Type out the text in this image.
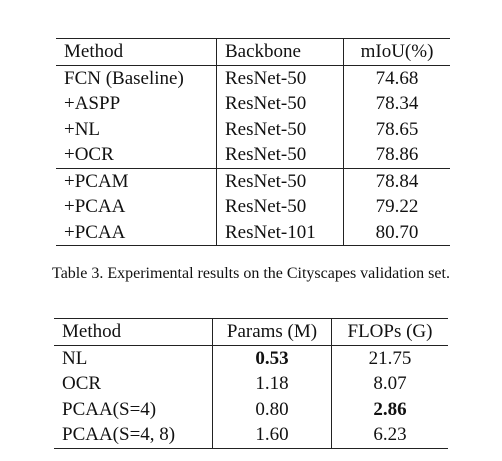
Method	Backbone	mIoU(%)
FCN (Baseline)	ResNet-50	74.68
+ASPP	ResNet-50	78.34
+NL	ResNet-50	78.65
+OCR	ResNet-50	78.86
+PCAM	ResNet-50	78.84
+PCAA	ResNet-50	79.22
+PCAA	ResNet-101	80.70
Table 3. Experimental results on the Cityscapes validation set.
Method	Params (M)	FLOPs (G)
NL	0.53	21.75
OCR	1.18	8.07
PCAA(S=4)	0.80	2.86
PCAA(S=4, 8)	1.60	6.23
